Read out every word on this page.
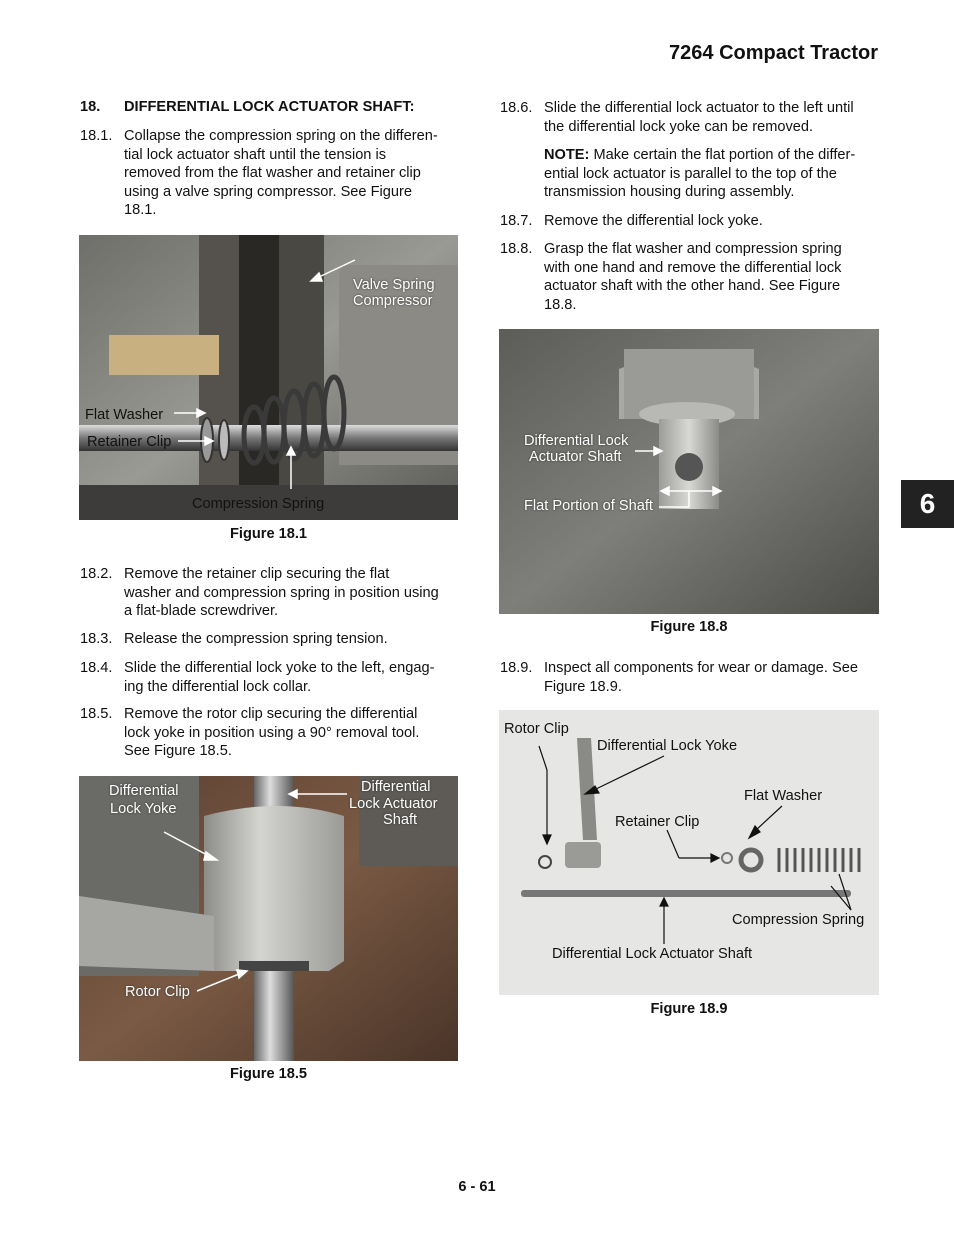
7264 Compact Tractor
6
18. DIFFERENTIAL LOCK ACTUATOR SHAFT:
18.1. Collapse the compression spring on the differen-
tial lock actuator shaft until the tension is
removed from the flat washer and retainer clip
using a valve spring compressor. See Figure
18.1.
Valve Spring
Compressor
Flat Washer
Retainer Clip
Compression Spring
Figure 18.1
18.2. Remove the retainer clip securing the flat
washer and compression spring in position using
a flat-blade screwdriver.
18.3. Release the compression spring tension.
18.4. Slide the differential lock yoke to the left, engag-
ing the differential lock collar.
18.5. Remove the rotor clip securing the differential
lock yoke in position using a 90° removal tool.
See Figure 18.5.
Differential
Lock Yoke
Differential
Lock Actuator
Shaft
Rotor Clip
Figure 18.5
18.6. Slide the differential lock actuator to the left until
the differential lock yoke can be removed.
NOTE: Make certain the flat portion of the differ-
ential lock actuator is parallel to the top of the
transmission housing during assembly.
18.7. Remove the differential lock yoke.
18.8. Grasp the flat washer and compression spring
with one hand and remove the differential lock
actuator shaft with the other hand. See Figure
18.8.
Differential Lock
Actuator Shaft
Flat Portion of Shaft
Figure 18.8
18.9. Inspect all components for wear or damage. See
Figure 18.9.
Rotor Clip
Differential Lock Yoke
Flat Washer
Retainer Clip
Compression Spring
Differential Lock Actuator Shaft
Figure 18.9
6 - 61
